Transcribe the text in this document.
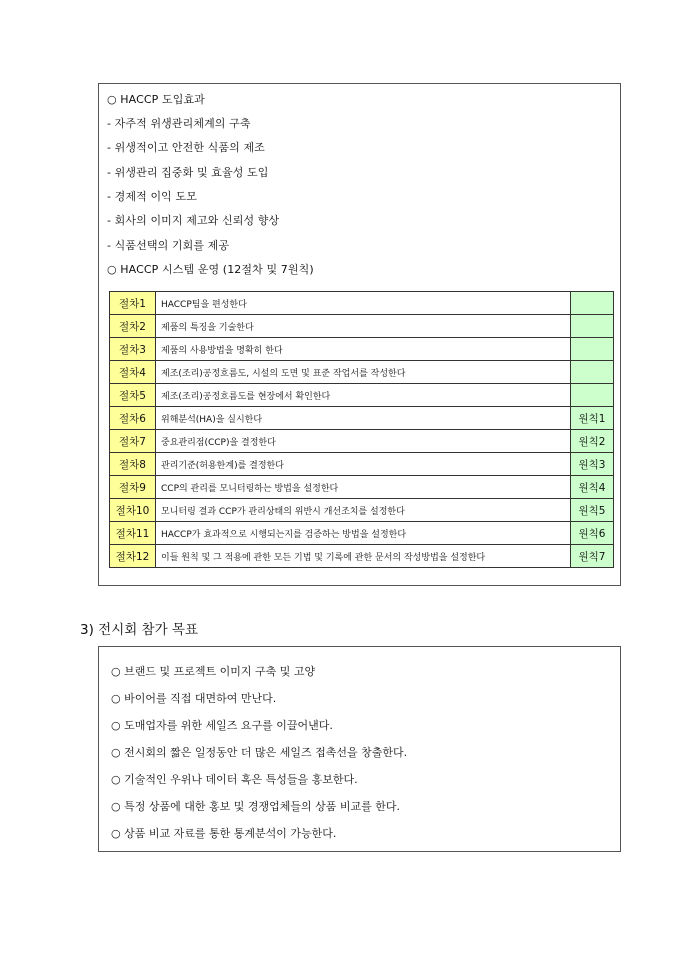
○ HACCP 도입효과
- 자주적 위생관리체계의 구축
- 위생적이고 안전한 식품의 제조
- 위생관리 집중화 및 효율성 도입
- 경제적 이익 도모
- 회사의 이미지 제고와 신뢰성 향상
- 식품선택의 기회를 제공
○ HACCP 시스템 운영 (12절차 및 7원칙)
절차1	HACCP팀을 편성한다	
절차2	제품의 특징을 기술한다	
절차3	제품의 사용방법을 명확히 한다	
절차4	제조(조리)공정흐름도, 시설의 도면 및 표준 작업서를 작성한다	
절차5	제조(조리)공정흐름도를 현장에서 확인한다	
절차6	위해분석(HA)을 실시한다	원칙1
절차7	중요관리점(CCP)을 결정한다	원칙2
절차8	관리기준(허용한계)를 결정한다	원칙3
절차9	CCP의 관리를 모니터링하는 방법을 설정한다	원칙4
절차10	모니터링 결과 CCP가 관리상태의 위반시 개선조치를 설정한다	원칙5
절차11	HACCP가 효과적으로 시행되는지를 검증하는 방법을 설정한다	원칙6
절차12	이들 원칙 및 그 적용에 관한 모든 기법 및 기록에 관한 문서의 작성방법을 설정한다	원칙7
3) 전시회 참가 목표
○ 브랜드 및 프로젝트 이미지 구축 및 고양
○ 바이어를 직접 대면하여 만난다.
○ 도매업자를 위한 세일즈 요구를 이끌어낸다.
○ 전시회의 짧은 일정동안 더 많은 세일즈 접촉선을 창출한다.
○ 기술적인 우위나 데이터 혹은 특성들을 홍보한다.
○ 특정 상품에 대한 홍보 및 경쟁업체들의 상품 비교를 한다.
○ 상품 비교 자료를 통한 통계분석이 가능한다.
